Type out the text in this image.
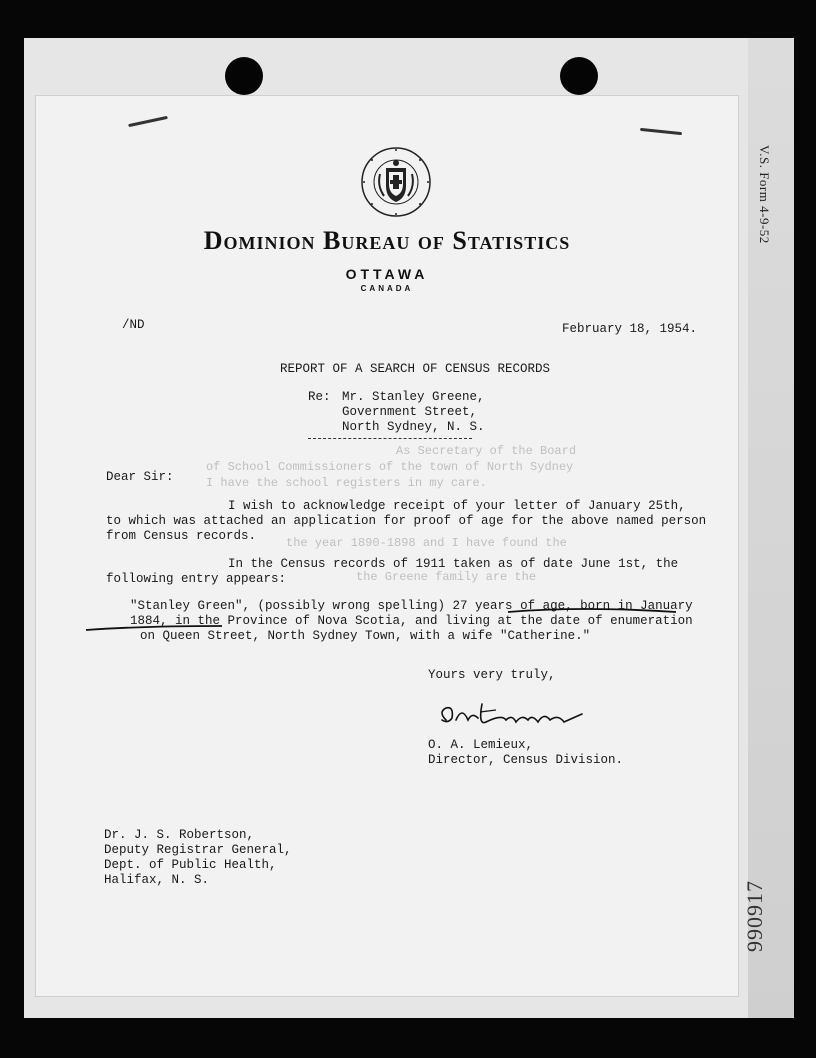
V.S. Form 4-9-52
990917
As Secretary of the Board
of School Commissioners of the town of North Sydney
I have the school registers in my care.
the year 1890-1898 and I have found the
the Greene family are the
Dominion Bureau of Statistics
OTTAWA
CANADA
/ND	February 18, 1954.
REPORT OF A SEARCH OF CENSUS RECORDS
Re: Mr. Stanley Greene,
Government Street,
North Sydney, N. S.
Dear Sir:
I wish to acknowledge receipt of your letter of January 25th,
to which was attached an application for proof of age for the above named person
from Census records.
In the Census records of 1911 taken as of date June 1st, the
following entry appears:
"Stanley Green", (possibly wrong spelling) 27 years of age, born in January
1884, in the Province of Nova Scotia, and living at the date of enumeration
on Queen Street, North Sydney Town, with a wife "Catherine."
Yours very truly,
O. A. Lemieux,
Director, Census Division.
Dr. J. S. Robertson,
Deputy Registrar General,
Dept. of Public Health,
Halifax, N. S.
